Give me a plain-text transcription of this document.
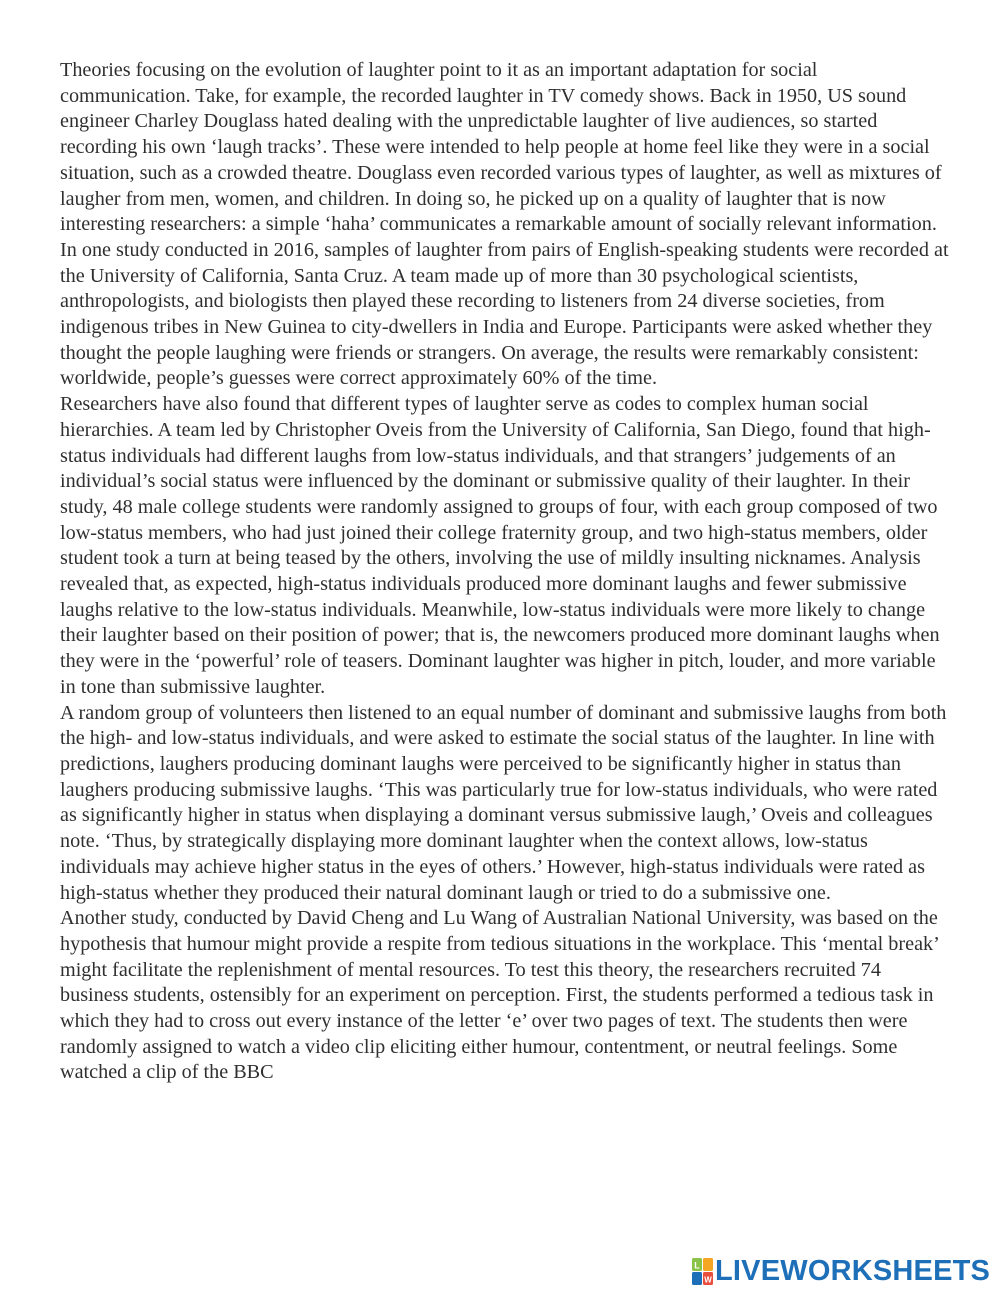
Theories focusing on the evolution of laughter point to it as an important adaptation for social communication. Take, for example, the recorded laughter in TV comedy shows. Back in 1950, US sound engineer Charley Douglass hated dealing with the unpredictable laughter of live audiences, so started recording his own ‘laugh tracks’. These were intended to help people at home feel like they were in a social situation, such as a crowded theatre. Douglass even recorded various types of laughter, as well as mixtures of laugher from men, women, and children. In doing so, he picked up on a quality of laughter that is now interesting researchers: a simple ‘haha’ communicates a remarkable amount of socially relevant information.

In one study conducted in 2016, samples of laughter from pairs of English-speaking students were recorded at the University of California, Santa Cruz. A team made up of more than 30 psychological scientists, anthropologists, and biologists then played these recording to listeners from 24 diverse societies, from indigenous tribes in New Guinea to city-dwellers in India and Europe. Participants were asked whether they thought the people laughing were friends or strangers. On average, the results were remarkably consistent: worldwide, people’s guesses were correct approximately 60% of the time.

Researchers have also found that different types of laughter serve as codes to complex human social hierarchies. A team led by Christopher Oveis from the University of California, San Diego, found that high-status individuals had different laughs from low-status individuals, and that strangers’ judgements of an individual’s social status were influenced by the dominant or submissive quality of their laughter. In their study, 48 male college students were randomly assigned to groups of four, with each group composed of two low-status members, who had just joined their college fraternity group, and two high-status members, older student took a turn at being teased by the others, involving the use of mildly insulting nicknames. Analysis revealed that, as expected, high-status individuals produced more dominant laughs and fewer submissive laughs relative to the low-status individuals. Meanwhile, low-status individuals were more likely to change their laughter based on their position of power; that is, the newcomers produced more dominant laughs when they were in the ‘powerful’ role of teasers. Dominant laughter was higher in pitch, louder, and more variable in tone than submissive laughter.

A random group of volunteers then listened to an equal number of dominant and submissive laughs from both the high- and low-status individuals, and were asked to estimate the social status of the laughter. In line with predictions, laughers producing dominant laughs were perceived to be significantly higher in status than laughers producing submissive laughs. ‘This was particularly true for low-status individuals, who were rated as significantly higher in status when displaying a dominant versus submissive laugh,’ Oveis and colleagues note. ‘Thus, by strategically displaying more dominant laughter when the context allows, low-status individuals may achieve higher status in the eyes of others.’ However, high-status individuals were rated as high-status whether they produced their natural dominant laugh or tried to do a submissive one.

Another study, conducted by David Cheng and Lu Wang of Australian National University, was based on the hypothesis that humour might provide a respite from tedious situations in the workplace. This ‘mental break’ might facilitate the replenishment of mental resources. To test this theory, the researchers recruited 74 business students, ostensibly for an experiment on perception. First, the students performed a tedious task in which they had to cross out every instance of the letter ‘e’ over two pages of text. The students then were randomly assigned to watch a video clip eliciting either humour, contentment, or neutral feelings. Some watched a clip of the BBC

L
W LIVEWORKSHEETS
